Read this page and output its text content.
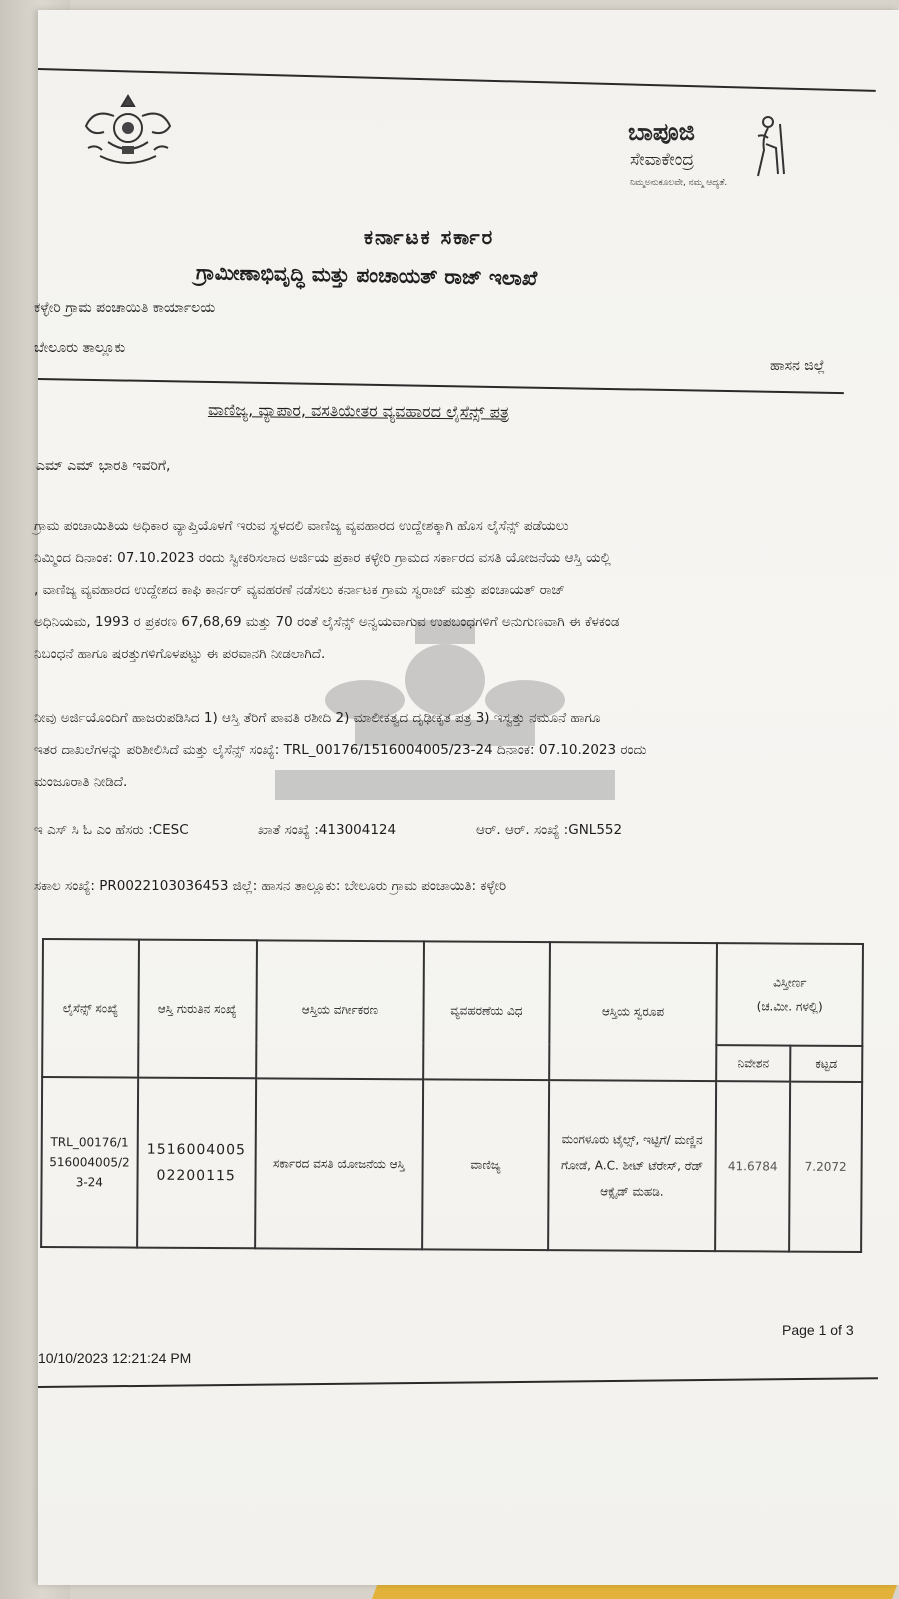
ಬಾಪೂಜಿ
ಸೇವಾಕೇಂದ್ರ
ನಿಮ್ಮಅನುಕೂಲವೇ, ನಮ್ಮ ಆದ್ಯತೆ.
ಕರ್ನಾಟಕ ಸರ್ಕಾರ
ಗ್ರಾಮೀಣಾಭಿವೃದ್ಧಿ ಮತ್ತು ಪಂಚಾಯತ್ ರಾಜ್ ಇಲಾಖೆ
ಕಳ್ಳೇರಿ ಗ್ರಾಮ ಪಂಚಾಯಿತಿ ಕಾರ್ಯಾಲಯ
ಬೇಲೂರು ತಾಲ್ಲೂಕು
ಹಾಸನ ಜಿಲ್ಲೆ
ವಾಣಿಜ್ಯ, ವ್ಯಾಪಾರ, ವಸತಿಯೇತರ ವ್ಯವಹಾರದ ಲೈಸೆನ್ಸ್ ಪತ್ರ
ಎಮ್ ಎಮ್ ಭಾರತಿ ಇವರಿಗೆ,
ಗ್ರಾಮ ಪಂಚಾಯಿತಿಯ ಅಧಿಕಾರ ವ್ಯಾಪ್ತಿಯೊಳಗೆ ಇರುವ ಸ್ಥಳದಲಿ ವಾಣಿಜ್ಯ ವ್ಯವಹಾರದ ಉದ್ದೇಶಕ್ಕಾಗಿ ಹೊಸ ಲೈಸೆನ್ಸ್ ಪಡೆಯಲು
ನಿಮ್ಮಿಂದ ದಿನಾಂಕ: 07.10.2023 ರಂದು ಸ್ವೀಕರಿಸಲಾದ ಅರ್ಜಿಯ ಪ್ರಕಾರ ಕಳ್ಳೇರಿ ಗ್ರಾಮದ ಸರ್ಕಾರದ ವಸತಿ ಯೋಜನೆಯ ಆಸ್ತಿ ಯಲ್ಲಿ
, ವಾಣಿಜ್ಯ ವ್ಯವಹಾರದ ಉದ್ದೇಶದ ಕಾಫಿ ಕಾರ್ನರ್ ವ್ಯವಹರಣೆ ನಡೆಸಲು ಕರ್ನಾಟಕ ಗ್ರಾಮ ಸ್ವರಾಜ್ ಮತ್ತು ಪಂಚಾಯತ್ ರಾಜ್
ಅಧಿನಿಯಮ, 1993 ರ ಪ್ರಕರಣ 67,68,69 ಮತ್ತು 70 ರಂತೆ ಲೈಸೆನ್ಸ್ ಅನ್ವಯವಾಗುವ ಉಪಬಂಧಗಳಿಗೆ ಅನುಗುಣವಾಗಿ ಈ ಕೆಳಕಂಡ
ನಿಬಂಧನೆ ಹಾಗೂ ಷರತ್ತುಗಳಿಗೊಳಪಟ್ಟು ಈ ಪರವಾನಗಿ ನೀಡಲಾಗಿದೆ.
ನೀವು ಅರ್ಜಿಯೊಂದಿಗೆ ಹಾಜರುಪಡಿಸಿದ 1) ಆಸ್ತಿ ತೆರಿಗೆ ಪಾವತಿ ರಶೀದಿ 2) ಮಾಲೀಕತ್ವದ ದೃಢೀಕೃತ ಪತ್ರ 3) ಇಸ್ವತ್ತು ನಮೂನೆ ಹಾಗೂ
ಇತರ ದಾಖಲೆಗಳನ್ನು ಪರಿಶೀಲಿಸಿದೆ ಮತ್ತು ಲೈಸೆನ್ಸ್ ಸಂಖ್ಯೆ: TRL_00176/1516004005/23-24 ದಿನಾಂಕ: 07.10.2023 ರಂದು
ಮಂಜೂರಾತಿ ನೀಡಿದೆ.
ಇ ಎಸ್ ಸಿ ಓ ಎಂ ಹೆಸರು :CESC	ಖಾತೆ ಸಂಖ್ಯೆ :413004124	ಆರ್. ಆರ್. ಸಂಖ್ಯೆ :GNL552
ಸಕಾಲ ಸಂಖ್ಯೆ: PR0022103036453 ಜಿಲ್ಲೆ: ಹಾಸನ ತಾಲ್ಲೂಕು: ಬೇಲೂರು ಗ್ರಾಮ ಪಂಚಾಯಿತಿ: ಕಳ್ಳೇರಿ
ಲೈಸೆನ್ಸ್ ಸಂಖ್ಯೆ	ಆಸ್ತಿ ಗುರುತಿನ ಸಂಖ್ಯೆ	ಆಸ್ತಿಯ ವರ್ಗೀಕರಣ	ವ್ಯವಹರಣೆಯ ವಿಧ	ಆಸ್ತಿಯ ಸ್ವರೂಪ	ವಿಸ್ತೀರ್ಣ
(ಚ.ಮೀ. ಗಳಲ್ಲಿ)	

					ನಿವೇಶನ	ಕಟ್ಟಡ
TRL_00176/1516004005/23-24	1516004005
02200115	ಸರ್ಕಾರದ ವಸತಿ ಯೋಜನೆಯ ಆಸ್ತಿ	ವಾಣಿಜ್ಯ	ಮಂಗಳೂರು ಟೈಲ್ಸ್, ಇಟ್ಟಿಗೆ/ ಮಣ್ಣಿನ ಗೋಡೆ, A.C. ಶೀಟ್ ಟೆರೇಸ್, ರೆಡ್ ಆಕ್ಸೈಡ್ ಮಹಡಿ.	41.6784	7.2072
Page 1 of 3
10/10/2023 12:21:24 PM
